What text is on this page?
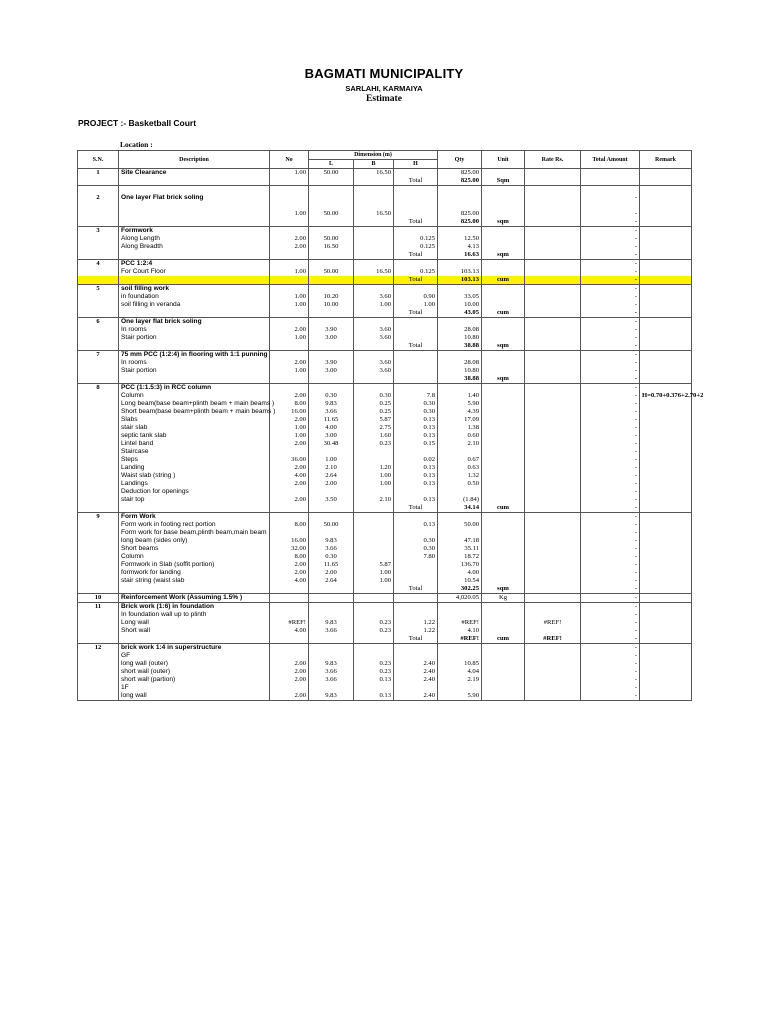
BAGMATI MUNICIPALITY
SARLAHI, KARMAIYA
Estimate
PROJECT :- Basketball Court
Location :
S.N.	Description	No	Dimension (m)			Qty	Unit	Rate Rs.	Total Amount	Remark
			L	B	H					
1	Site Clearance	1.00	50.00	16.50		825.00				
					Total	825.00	Sqm			

2	One layer Flat brick soling								-	

		1.00	50.00	16.50		825.00			-	
					Total	825.00	sqm		-	
3	Formwork								-	
	Along Length	2.00	50.00		0.125	12.50			-	
	Along Breadth	2.00	16.50		0.125	4.13			-	
					Total	16.63	sqm		-	
4	PCC 1:2:4								-	
	For Court Floor	1.00	50.00	16.50	0.125	103.13			-	
					Total	103.13	cum		-	
5	soil filling work								-	
	in foundation	1.00	10.20	3.60	0.90	33.05			-	
	soil filling in veranda	1.00	10.00	1.00	1.00	10.00			-	
					Total	43.05	cum		-	
6	One layer flat brick soling								-	
	In rooms	2.00	3.90	3.60		28.08			-	
	Stair portion	1.00	3.00	3.60		10.80			-	
					Total	38.88	sqm		-	
7	75 mm PCC (1:2:4) in flooring with 1:1 punning								-	
	In rooms	2.00	3.90	3.60		28.08			-	
	Stair portion	1.00	3.00	3.60		10.80			-	
						38.88	sqm		-	
8	PCC (1:1.5:3) in RCC column								-	
	Column	2.00	0.30	0.30	7.8	1.40			-	H=0.70+0.376+2.70+2
	Long beam(base beam+plinth beam + main beams )	8.00	9.83	0.25	0.30	5.90			-	
	Short beam(base beam+plinth beam + main beams )	16.00	3.66	0.25	0.30	4.39			-	
	Slabs	2.00	11.65	5.87	0.13	17.09			-	
	stair slab	1.00	4.00	2.75	0.13	1.38			-	
	septic tank slab	1.00	3.00	1.60	0.13	0.60			-	
	Lintel band	2.00	30.48	0.23	0.15	2.10			-	
	Staircase								-	
	Steps	36.00	1.00		0.02	0.67			-	
	Landing	2.00	2.10	1.20	0.13	0.63			-	
	Waist slab (string )	4.00	2.64	1.00	0.13	1.32			-	
	Landings	2.00	2.00	1.00	0.13	0.50			-	
	Deduction for openings								-	
	stair top	2.00	3.50	2.10	0.13	(1.84)			-	
					Total	34.14	cum		-	
9	Form Work								-	
	Form work in footing rect portion	8.00	50.00		0.13	50.00			-	
	Form work for base beam,plinth beam,main beam								-	
	long beam (sides only)	16.00	9.83		0.30	47.18			-	
	Short beams	32.00	3.66		0.30	35.11			-	
	Column	8.00	0.30		7.80	18.72			-	
	Formwork in Slab (soffit portion)	2.00	11.65	5.87		136.70			-	
	formwork for landing	2.00	2.00	1.00		4.00			-	
	stair string (waist slab	4.00	2.64	1.00		10.54			-	
					Total	302.25	sqm		-	
10	Reinforcement Work (Assuming 1.5% )					4,020.05	Kg		-	
11	Brick work (1:6) in foundation								-	
	In foundation wall up to plinth								-	
	Long wall	#REF!	9.83	0.23	1.22	#REF!		#REF!	-	
	Short wall	4.00	3.66	0.23	1.22	4.10			-	
					Total	#REF!	cum	#REF!	-	
12	brick work 1:4 in superstructure								-	
	GF								-	
	long wall (outer)	2.00	9.83	0.23	2.40	10.85			-	
	short wall (outer)	2.00	3.66	0.23	2.40	4.04			-	
	short wall (partion)	2.00	3.66	0.13	2.40	2.19			-	
	1F								-	
	long wall	2.00	9.83	0.13	2.40	5.90			-	
